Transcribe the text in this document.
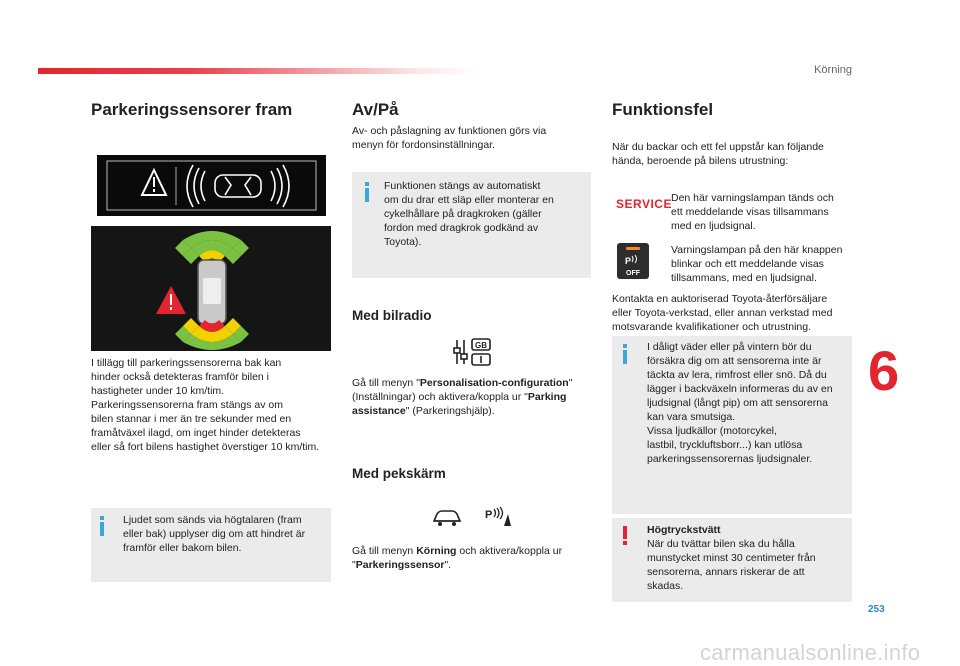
Körning
6
253
carmanualsonline.info
Parkeringssensorer fram
I tillägg till parkeringssensorerna bak kan
hinder också detekteras framför bilen i
hastigheter under 10 km/tim.
Parkeringssensorerna fram stängs av om
bilen stannar i mer än tre sekunder med en
framåtväxel ilagd, om inget hinder detekteras
eller så fort bilens hastighet överstiger 10 km/tim.
Ljudet som sänds via högtalaren (fram
eller bak) upplyser dig om att hindret är
framför eller bakom bilen.
Av/På
Av- och påslagning av funktionen görs via
menyn för fordonsinställningar.
Funktionen stängs av automatiskt
om du drar ett släp eller monterar en
cykelhållare på dragkroken (gäller
fordon med dragkrok godkänd av
Toyota).
Med bilradio
GB
Gå till menyn "Personalisation-configuration" (Inställningar) och aktivera/koppla ur "Parking assistance" (Parkeringshjälp).
Med pekskärm
P
Gå till menyn Körning och aktivera/koppla ur "Parkeringssensor".
Funktionsfel
När du backar och ett fel uppstår kan följande
hända, beroende på bilens utrustning:
SERVICE Den här varningslampan tänds och
ett meddelande visas tillsammans
med en ljudsignal.
P
OFF
Varningslampan på den här knappen
blinkar och ett meddelande visas
tillsammans, med en ljudsignal.
Kontakta en auktoriserad Toyota-återförsäljare
eller Toyota-verkstad, eller annan verkstad med
motsvarande kvalifikationer och utrustning.
I dåligt väder eller på vintern bör du
försäkra dig om att sensorerna inte är
täckta av lera, rimfrost eller snö. Då du
lägger i backväxeln informeras du av en
ljudsignal (långt pip) om att sensorerna
kan vara smutsiga.
Vissa ljudkällor (motorcykel,
lastbil, tryckluftsborr...) kan utlösa
parkeringssensorernas ljudsignaler.
Högtryckstvätt
När du tvättar bilen ska du hålla
munstycket minst 30 centimeter från
sensorerna, annars riskerar de att
skadas.
